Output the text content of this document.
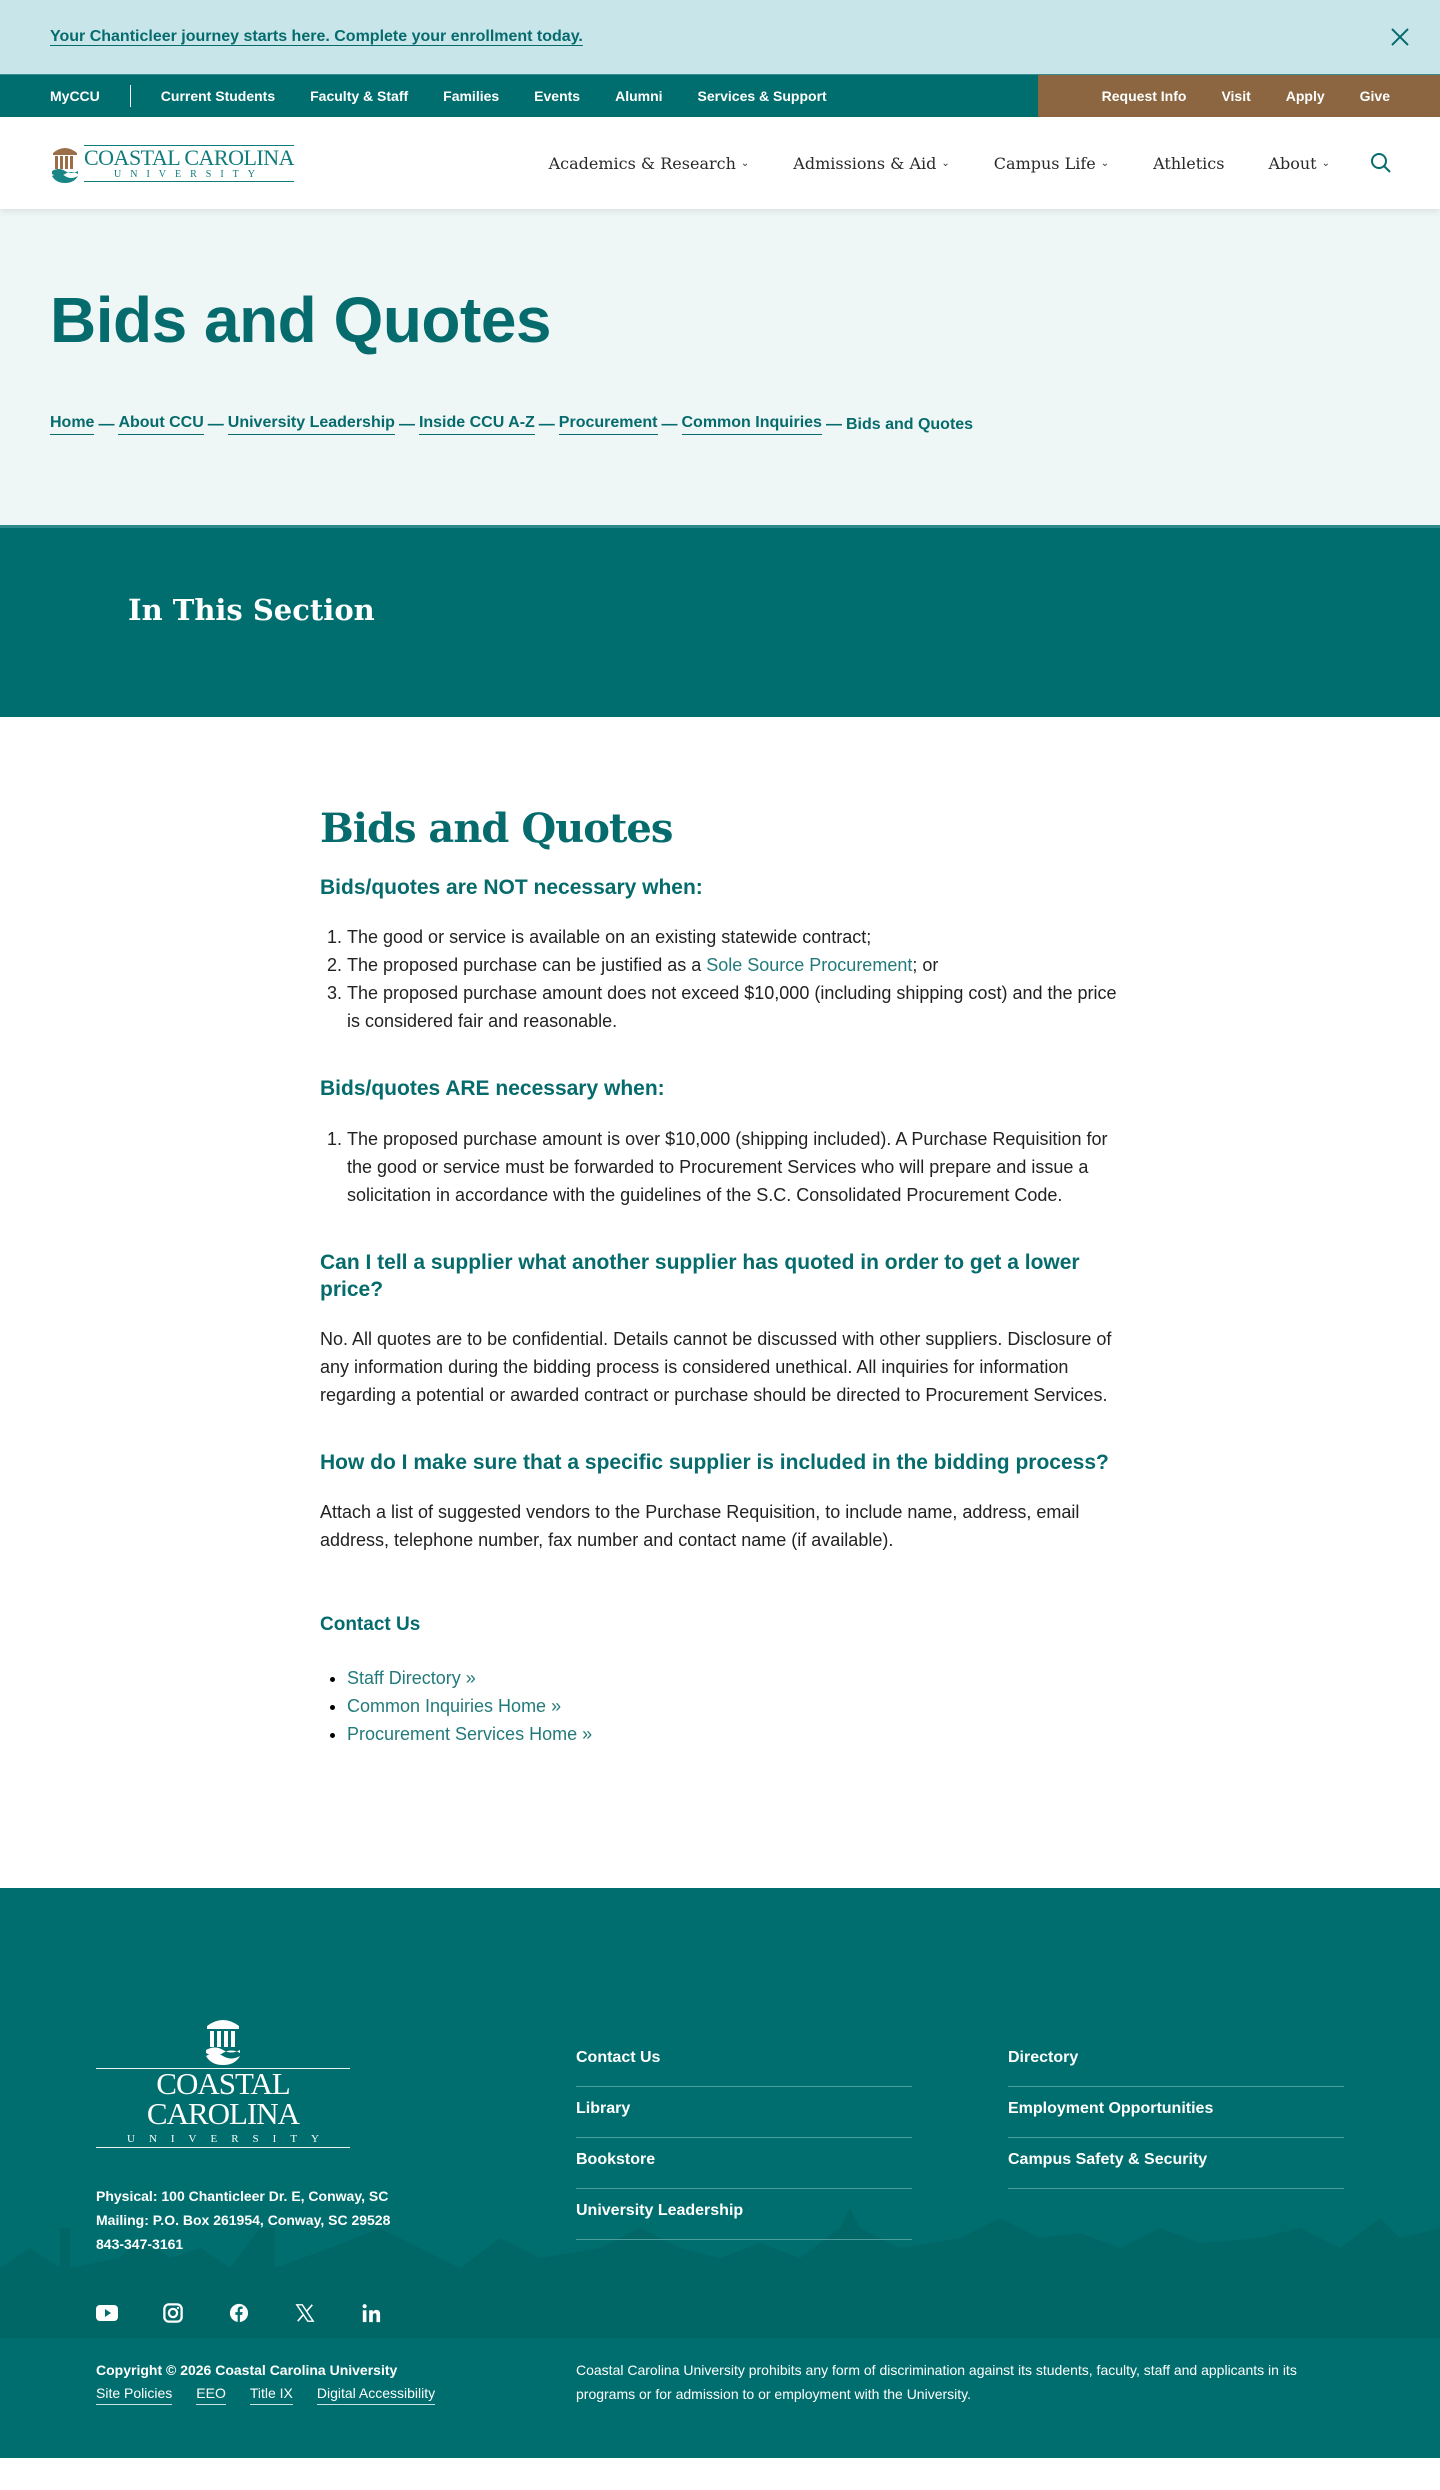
Your Chanticleer journey starts here. Complete your enrollment today.
MyCCU	Current Students	Faculty & Staff	Families	Events	Alumni	Services & Support	Request Info	Visit	Apply	Give
COASTAL CAROLINA
UNIVERSITY
Academics & Research ⌄	Admissions & Aid ⌄	Campus Life ⌄	Athletics	About ⌄
Bids and Quotes
Home — About CCU — University Leadership — Inside CCU A-Z — Procurement — Common Inquiries — Bids and Quotes
In This Section
Bids and Quotes
Bids/quotes are NOT necessary when:
1. The good or service is available on an existing statewide contract;
2. The proposed purchase can be justified as a Sole Source Procurement; or
3. The proposed purchase amount does not exceed $10,000 (including shipping cost) and the price is considered fair and reasonable.
Bids/quotes ARE necessary when:
1. The proposed purchase amount is over $10,000 (shipping included). A Purchase Requisition for the good or service must be forwarded to Procurement Services who will prepare and issue a solicitation in accordance with the guidelines of the S.C. Consolidated Procurement Code.
Can I tell a supplier what another supplier has quoted in order to get a lower price?

No. All quotes are to be confidential. Details cannot be discussed with other suppliers. Disclosure of any information during the bidding process is considered unethical. All inquiries for information regarding a potential or awarded contract or purchase should be directed to Procurement Services.

How do I make sure that a specific supplier is included in the bidding process?

Attach a list of suggested vendors to the Purchase Requisition, to include name, address, email address, telephone number, fax number and contact name (if available).

Contact Us
• Staff Directory »
• Common Inquiries Home »
• Procurement Services Home »
COASTAL CAROLINA
UNIVERSITY
Physical: 100 Chanticleer Dr. E, Conway, SC
Mailing: P.O. Box 261954, Conway, SC 29528
843-347-3161
Contact Us
Library
Bookstore
University Leadership
Directory
Employment Opportunities
Campus Safety & Security
Copyright © 2026 Coastal Carolina University
Site Policies EEO Title IX Digital Accessibility
Coastal Carolina University prohibits any form of discrimination against its students, faculty, staff and applicants in its programs or for admission to or employment with the University.
